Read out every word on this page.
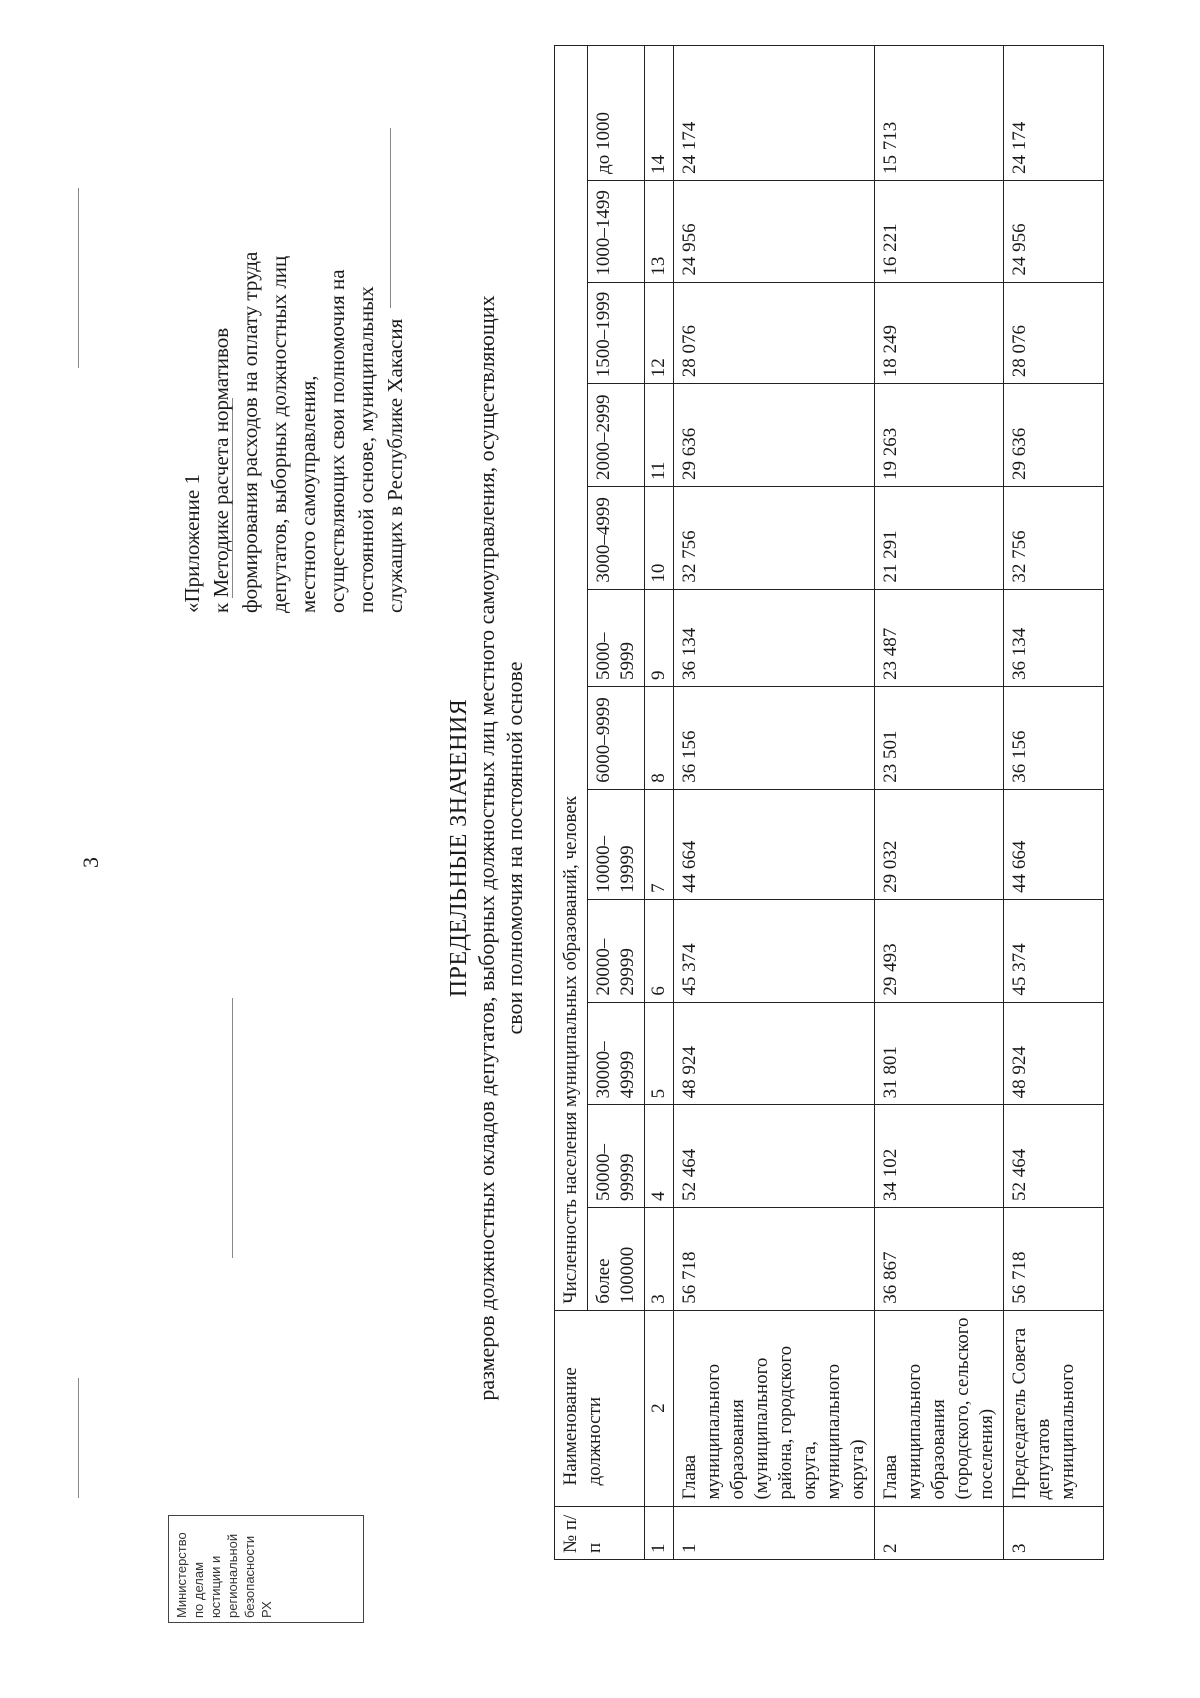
3
«Приложение 1 к Методике расчета нормативов формирования расходов на оплату труда депутатов, выборных должностных лиц местного самоуправления, осуществляющих свои полномочия на постоянной основе, муниципальных служащих в Республике Хакасия
ПРЕДЕЛЬНЫЕ ЗНАЧЕНИЯ размеров должностных окладов депутатов, выборных должностных лиц местного самоуправления, осуществляющих свои полномочия на постоянной основе
№ п/п	Наименование должности	Численность населения муниципальных образований, человек											
		более 100000	50000–99999	30000–49999	20000–29999	10000–19999	6000–9999	5000–5999	3000–4999	2000–2999	1500–1999	1000–1499	до 1000
1	2	3	4	5	6	7	8	9	10	11	12	13	14
1	Глава муниципального образования (муниципального района, городского округа, муниципального округа)	56 718	52 464	48 924	45 374	44 664	36 156	36 134	32 756	29 636	28 076	24 956	24 174
2	Глава муниципального образования (городского, сельского поселения)	36 867	34 102	31 801	29 493	29 032	23 501	23 487	21 291	19 263	18 249	16 221	15 713
3	Председатель Совета депутатов муниципального	56 718	52 464	48 924	45 374	44 664	36 156	36 134	32 756	29 636	28 076	24 956	24 174
Министерство по делам юстиции и региональной безопасности РХ
